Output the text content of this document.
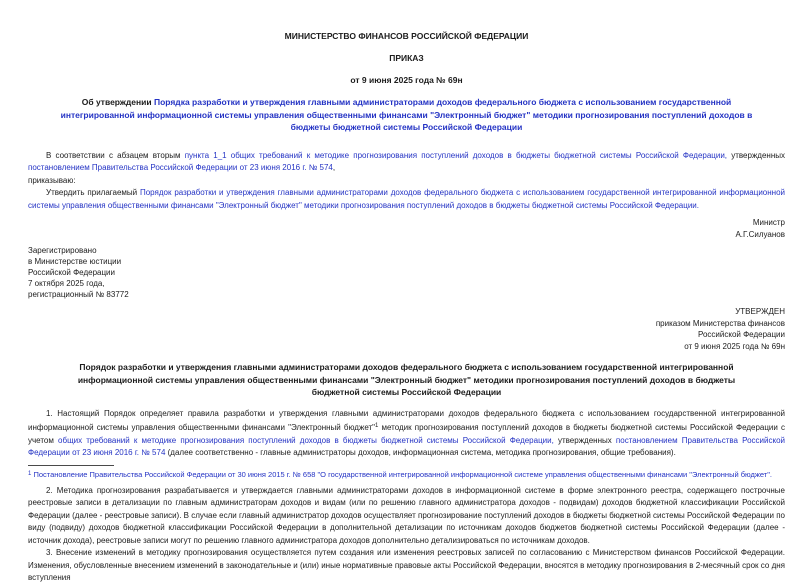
МИНИСТЕРСТВО ФИНАНСОВ РОССИЙСКОЙ ФЕДЕРАЦИИ
ПРИКАЗ
от 9 июня 2025 года № 69н
Об утверждении Порядка разработки и утверждения главными администраторами доходов федерального бюджета с использованием государственной интегрированной информационной системы управления общественными финансами "Электронный бюджет" методики прогнозирования поступлений доходов в бюджеты бюджетной системы Российской Федерации

В соответствии с абзацем вторым пункта 1_1 общих требований к методике прогнозирования поступлений доходов в бюджеты бюджетной системы Российской Федерации, утвержденных постановлением Правительства Российской Федерации от 23 июня 2016 г. № 574,

приказываю:

Утвердить прилагаемый Порядок разработки и утверждения главными администраторами доходов федерального бюджета с использованием государственной интегрированной информационной системы управления общественными финансами "Электронный бюджет" методики прогнозирования поступлений доходов в бюджеты бюджетной системы Российской Федерации.

Министр
А.Г.Силуанов
Зарегистрировано
в Министерстве юстиции
Российской Федерации
7 октября 2025 года,
регистрационный № 83772
УТВЕРЖДЕН
приказом Министерства финансов
Российской Федерации
от 9 июня 2025 года № 69н
Порядок разработки и утверждения главными администраторами доходов федерального бюджета с использованием государственной интегрированной информационной системы управления общественными финансами "Электронный бюджет" методики прогнозирования поступлений доходов в бюджеты бюджетной системы Российской Федерации

1. Настоящий Порядок определяет правила разработки и утверждения главными администраторами доходов федерального бюджета с использованием государственной интегрированной информационной системы управления общественными финансами "Электронный бюджет"$^1$ методик прогнозирования поступлений доходов в бюджеты бюджетной системы Российской Федерации с учетом общих требований к методике прогнозирования поступлений доходов в бюджеты бюджетной системы Российской Федерации, утвержденных постановлением Правительства Российской Федерации от 23 июня 2016 г. № 574 (далее соответственно - главные администраторы доходов, информационная система, методика прогнозирования, общие требования).

$^1$ Постановление Правительства Российской Федерации от 30 июня 2015 г. № 658 "О государственной интегрированной информационной системе управления общественными финансами "Электронный бюджет".

2. Методика прогнозирования разрабатывается и утверждается главными администраторами доходов в информационной системе в форме электронного реестра, содержащего построчные реестровые записи в детализации по главным администраторам доходов и видам (или по решению главного администратора доходов - подвидам) доходов бюджетной классификации Российской Федерации (далее - реестровые записи). В случае если главный администратор доходов осуществляет прогнозирование поступлений доходов в бюджеты бюджетной системы Российской Федерации по виду (подвиду) доходов бюджетной классификации Российской Федерации в дополнительной детализации по источникам доходов бюджетов бюджетной системы Российской Федерации (далее - источник дохода), реестровые записи могут по решению главного администратора доходов дополнительно детализироваться по источникам доходов.

3. Внесение изменений в методику прогнозирования осуществляется путем создания или изменения реестровых записей по согласованию с Министерством финансов Российской Федерации. Изменения, обусловленные внесением изменений в законодательные и (или) иные нормативные правовые акты Российской Федерации, вносятся в методику прогнозирования в 2-месячный срок со дня вступления
